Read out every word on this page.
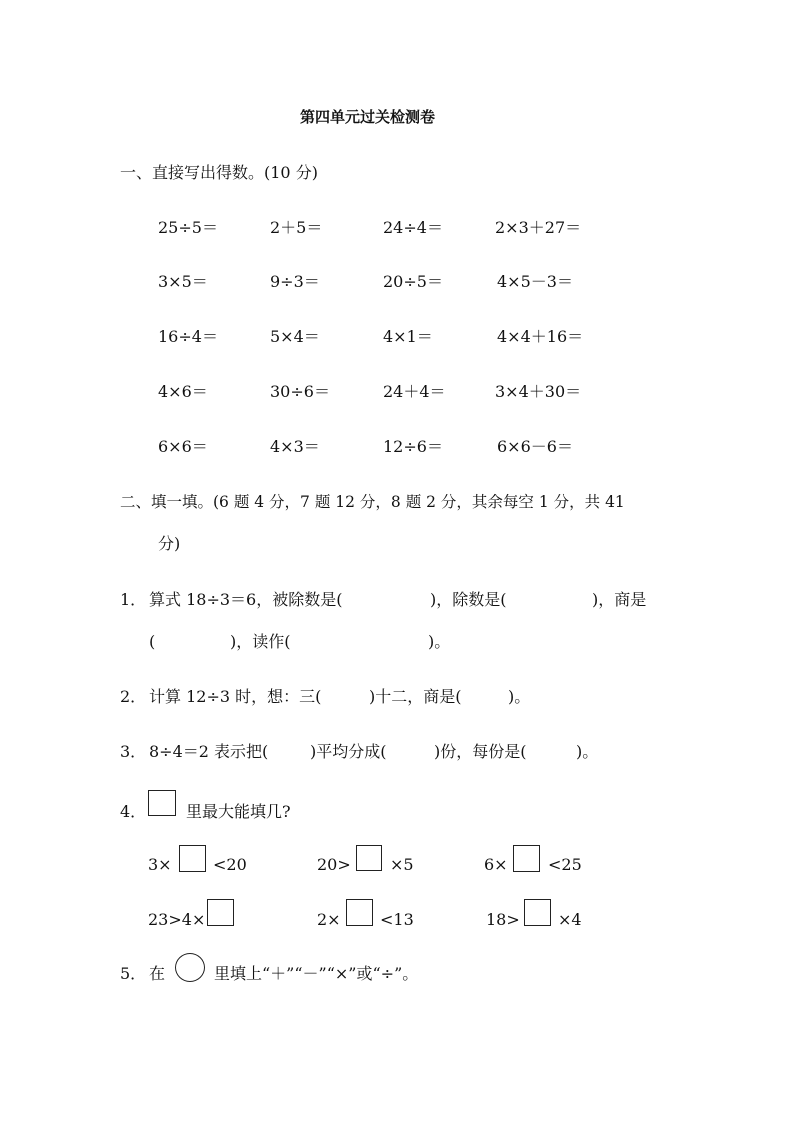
第四单元过关检测卷
一、直接写出得数。(10 分)
25÷5＝	2＋5＝	24÷4＝	2×3＋27＝
3×5＝	9÷3＝	20÷5＝	4×5－3＝
16÷4＝	5×4＝	4×1＝	4×4＋16＝
4×6＝	30÷6＝	24＋4＝	3×4＋30＝
6×6＝	4×3＝	12÷6＝	6×6－6＝
二、填一填。(6 题 4 分，7 题 12 分，8 题 2 分，其余每空 1 分，共 41
分)
1． 算式 18÷3＝6，被除数是(	)，除数是(	)，商是
(	)，读作(	)。
2． 计算 12÷3 时，想：三(	)十二，商是(	)。
3． 8÷4＝2 表示把(	)平均分成(	)份，每份是(	)。
4． 里最大能填几?
3×	<20	20> ×5	6×	<25
23>4×	2× <13	18> ×4
5． 在	里填上“＋”“－”“×”或“÷”。
